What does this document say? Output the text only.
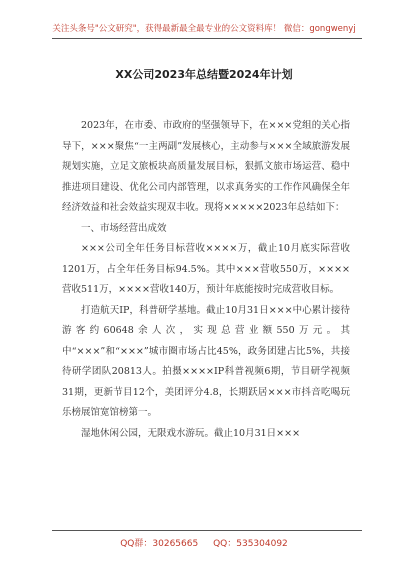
关注头条号"公文研究"，获得最新最全最专业的公文资料库！ 微信：gongwenyj
XX公司2023年总结暨2024年计划

2023年，在市委、市政府的坚强领导下，在×××党组的关心指导下，×××聚焦“一主两副”发展核心，主动参与×××全域旅游发展规划实施，立足文旅板块高质量发展目标，狠抓文旅市场运营、稳中推进项目建设、优化公司内部管理，以求真务实的工作作风确保全年经济效益和社会效益实现双丰收。现将×××××2023年总结如下：

一、市场经营出成效

×××公司全年任务目标营收××××万，截止10月底实际营收1201万，占全年任务目标94.5%。其中×××营收550万，××××营收511万，××××营收140万，预计年底能按时完成营收目标。

打造航天IP，科普研学基地。截止10月31日×××中心累计接待游客约60648余人次，实现总营业额550万元。其中“×××”和“×××”城市圈市场占比45%，政务团建占比5%，共接待研学团队20813人。拍摄××××IP科普视频6期，节目研学视频31期，更新节目12个，美团评分4.8，长期跃居×××市抖音吃喝玩乐榜展馆宽馆榜第一。

湿地休闲公园，无限戏水游玩。截止10月31日×××

QQ群：30265665 QQ：535304092
